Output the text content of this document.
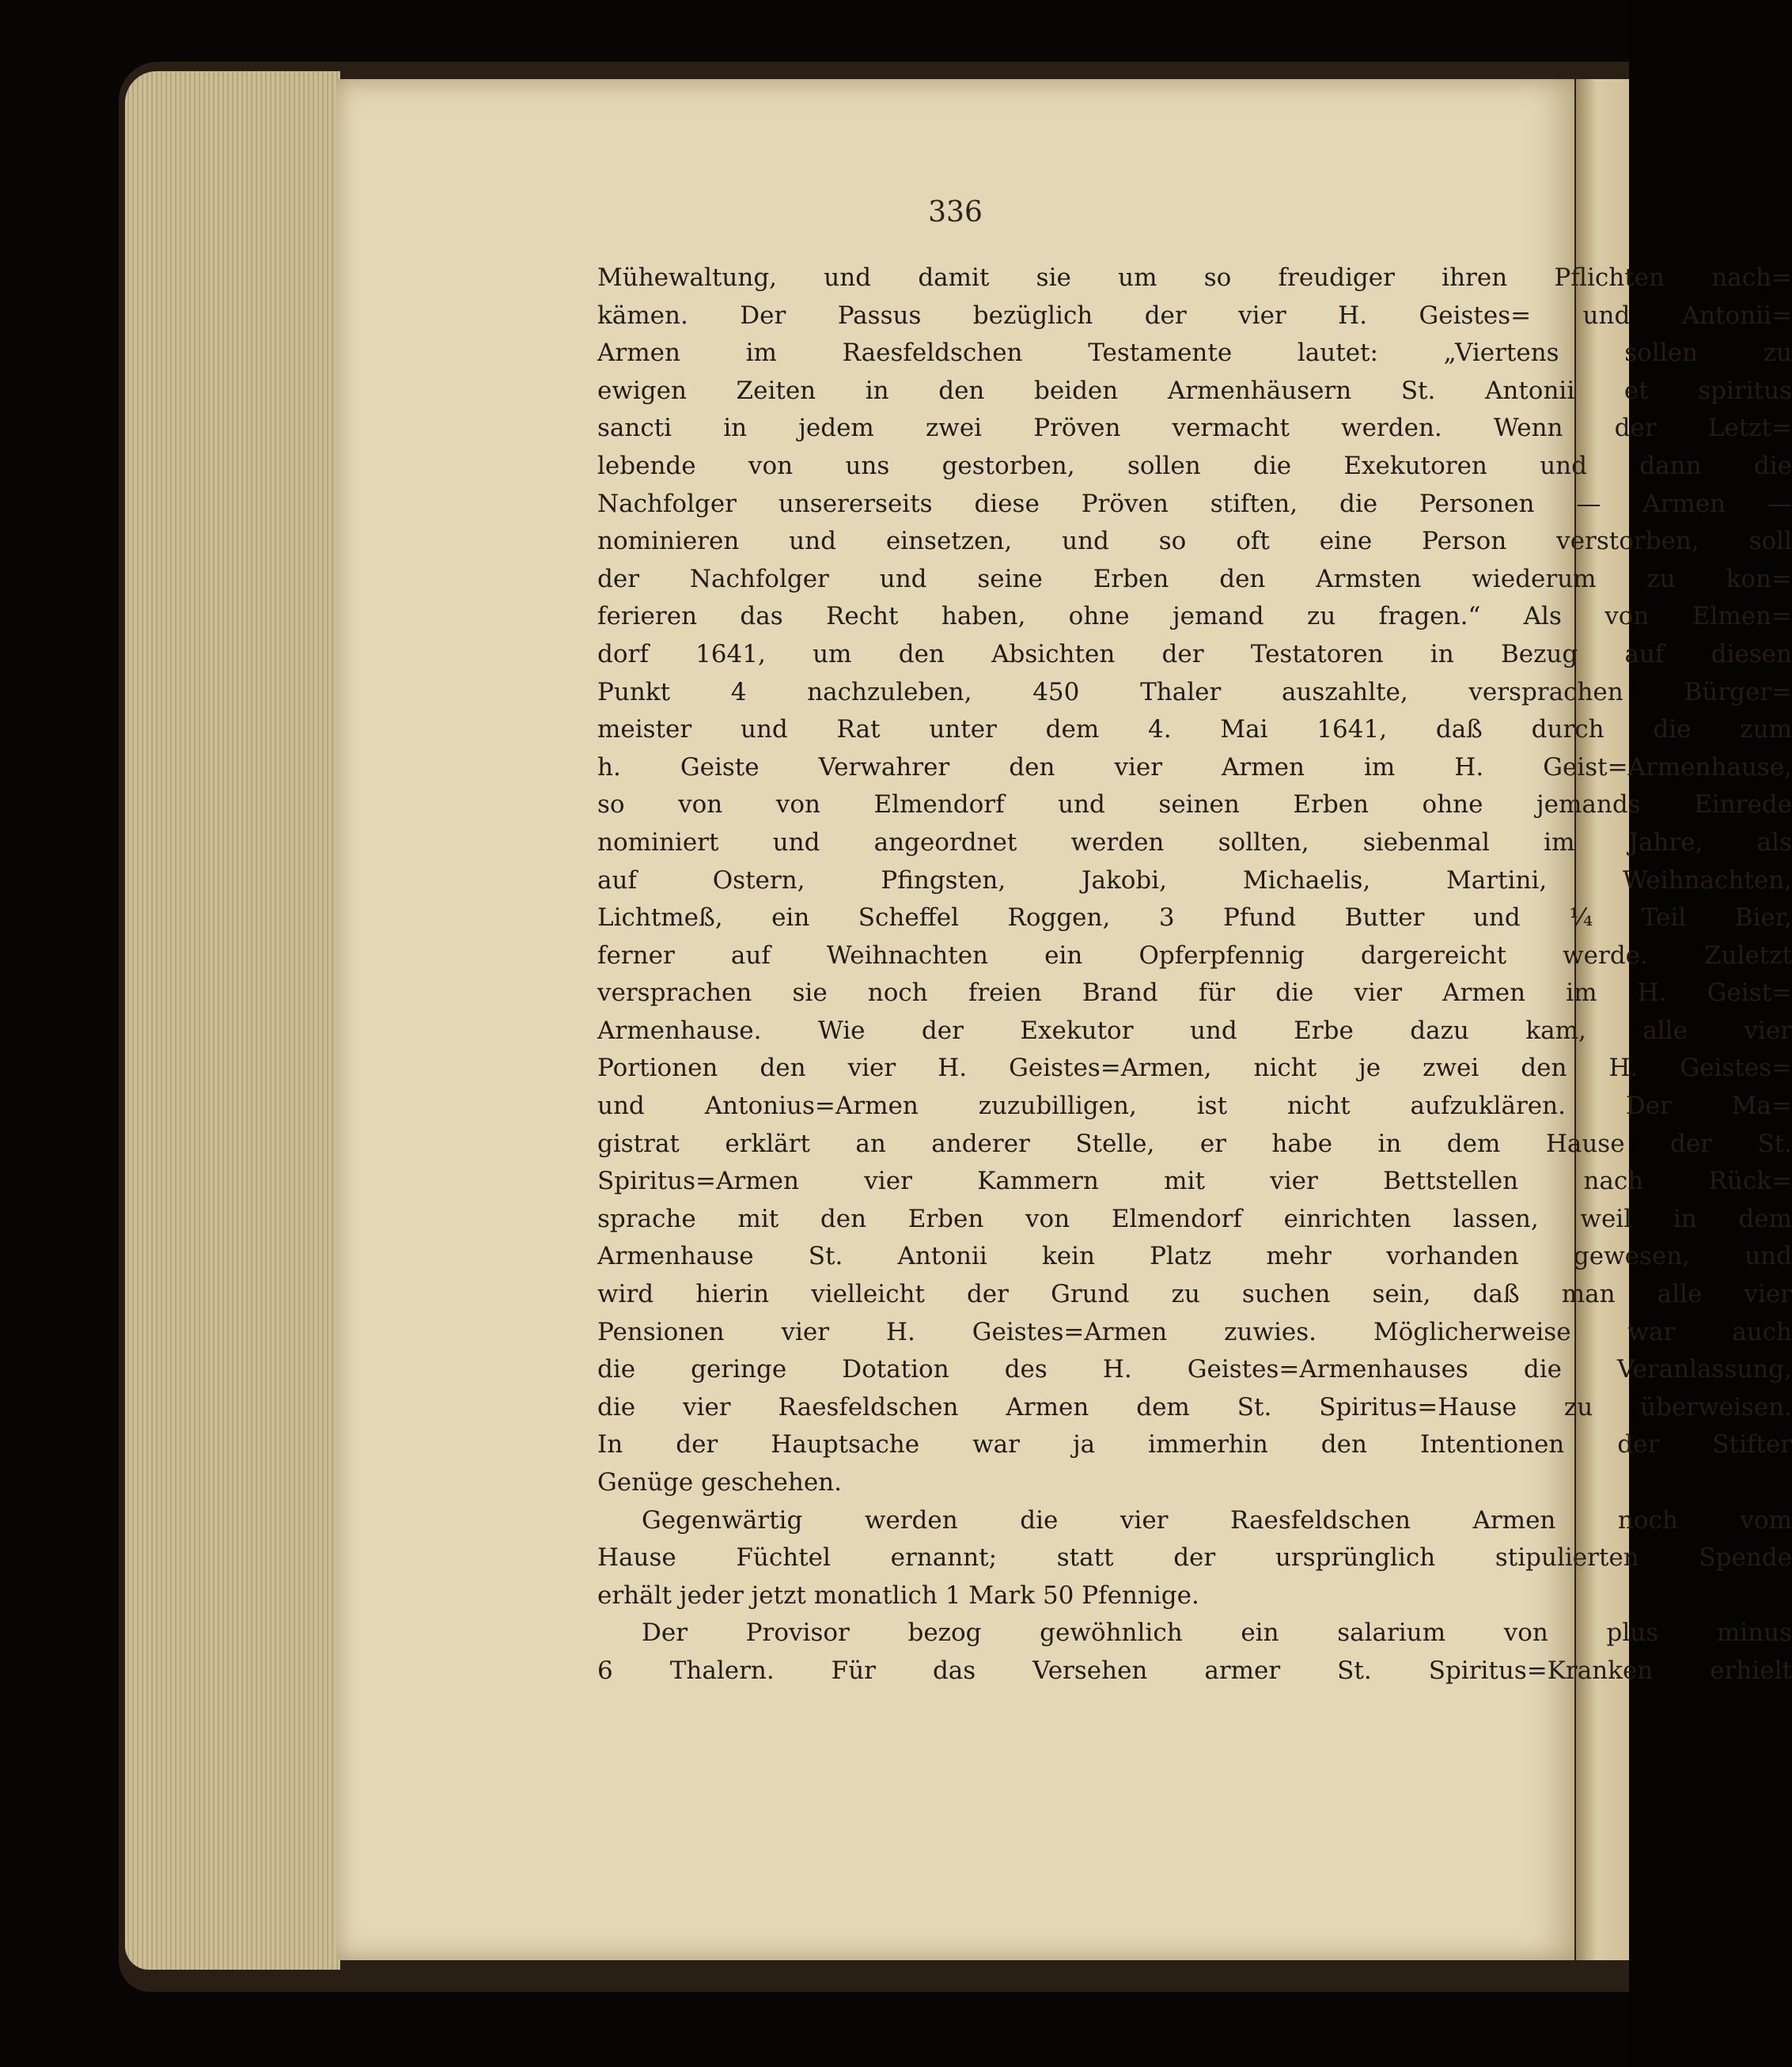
336
Mühewaltung, und damit sie um so freudiger ihren Pflichten nach=
kämen. Der Passus bezüglich der vier H. Geistes= und Antonii=
Armen im Raesfeldschen Testamente lautet: „Viertens sollen zu
ewigen Zeiten in den beiden Armenhäusern St. Antonii et spiritus
sancti in jedem zwei Pröven vermacht werden. Wenn der Letzt=
lebende von uns gestorben, sollen die Exekutoren und dann die
Nachfolger unsererseits diese Pröven stiften, die Personen — Armen —
nominieren und einsetzen, und so oft eine Person verstorben, soll
der Nachfolger und seine Erben den Armsten wiederum zu kon=
ferieren das Recht haben, ohne jemand zu fragen.“ Als von Elmen=
dorf 1641, um den Absichten der Testatoren in Bezug auf diesen
Punkt 4 nachzuleben, 450 Thaler auszahlte, versprachen Bürger=
meister und Rat unter dem 4. Mai 1641, daß durch die zum
h. Geiste Verwahrer den vier Armen im H. Geist=Armenhause,
so von von Elmendorf und seinen Erben ohne jemands Einrede
nominiert und angeordnet werden sollten, siebenmal im Jahre, als
auf Ostern, Pfingsten, Jakobi, Michaelis, Martini, Weihnachten,
Lichtmeß, ein Scheffel Roggen, 3 Pfund Butter und ¼ Teil Bier,
ferner auf Weihnachten ein Opferpfennig dargereicht werde. Zuletzt
versprachen sie noch freien Brand für die vier Armen im H. Geist=
Armenhause. Wie der Exekutor und Erbe dazu kam, alle vier
Portionen den vier H. Geistes=Armen, nicht je zwei den H. Geistes=
und Antonius=Armen zuzubilligen, ist nicht aufzuklären. Der Ma=
gistrat erklärt an anderer Stelle, er habe in dem Hause der St.
Spiritus=Armen vier Kammern mit vier Bettstellen nach Rück=
sprache mit den Erben von Elmendorf einrichten lassen, weil in dem
Armenhause St. Antonii kein Platz mehr vorhanden gewesen, und
wird hierin vielleicht der Grund zu suchen sein, daß man alle vier
Pensionen vier H. Geistes=Armen zuwies. Möglicherweise war auch
die geringe Dotation des H. Geistes=Armenhauses die Veranlassung,
die vier Raesfeldschen Armen dem St. Spiritus=Hause zu überweisen.
In der Hauptsache war ja immerhin den Intentionen der Stifter
Genüge geschehen.
Gegenwärtig werden die vier Raesfeldschen Armen noch vom
Hause Füchtel ernannt; statt der ursprünglich stipulierten Spende
erhält jeder jetzt monatlich 1 Mark 50 Pfennige.
Der Provisor bezog gewöhnlich ein salarium von plus minus
6 Thalern. Für das Versehen armer St. Spiritus=Kranken erhielt
